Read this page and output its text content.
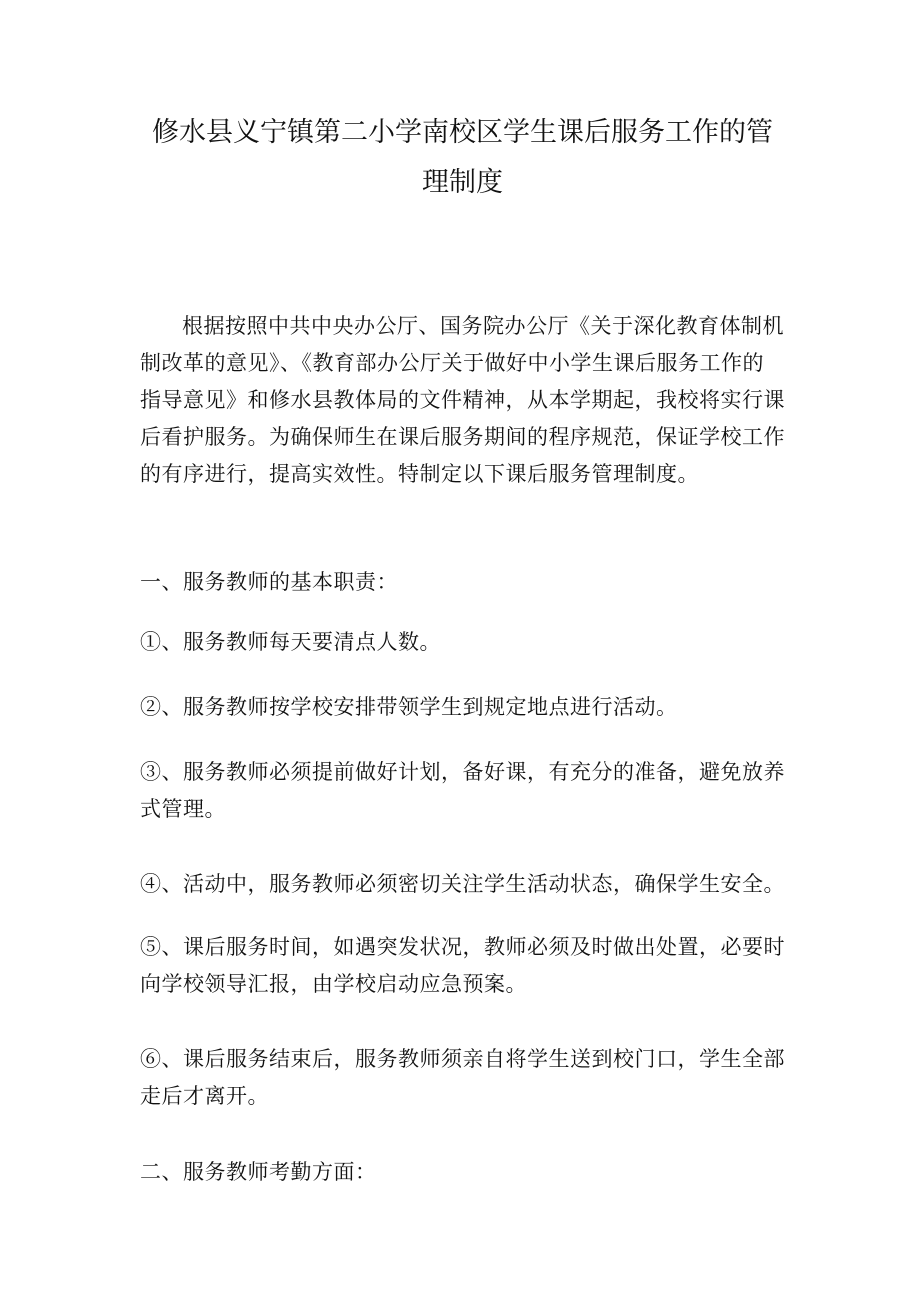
修水县义宁镇第二小学南校区学生课后服务工作的管
理制度

根据按照中共中央办公厅、国务院办公厅《关于深化教育体制机
制改革的意见》、《教育部办公厅关于做好中小学生课后服务工作的
指导意见》和修水县教体局的文件精神，从本学期起，我校将实行课
后看护服务。为确保师生在课后服务期间的程序规范，保证学校工作
的有序进行，提高实效性。特制定以下课后服务管理制度。

一、服务教师的基本职责：

①、服务教师每天要清点人数。

②、服务教师按学校安排带领学生到规定地点进行活动。

③、服务教师必须提前做好计划，备好课，有充分的准备，避免放养
式管理。

④、活动中，服务教师必须密切关注学生活动状态，确保学生安全。

⑤、课后服务时间，如遇突发状况，教师必须及时做出处置，必要时
向学校领导汇报，由学校启动应急预案。

⑥、课后服务结束后，服务教师须亲自将学生送到校门口，学生全部
走后才离开。

二、服务教师考勤方面：
